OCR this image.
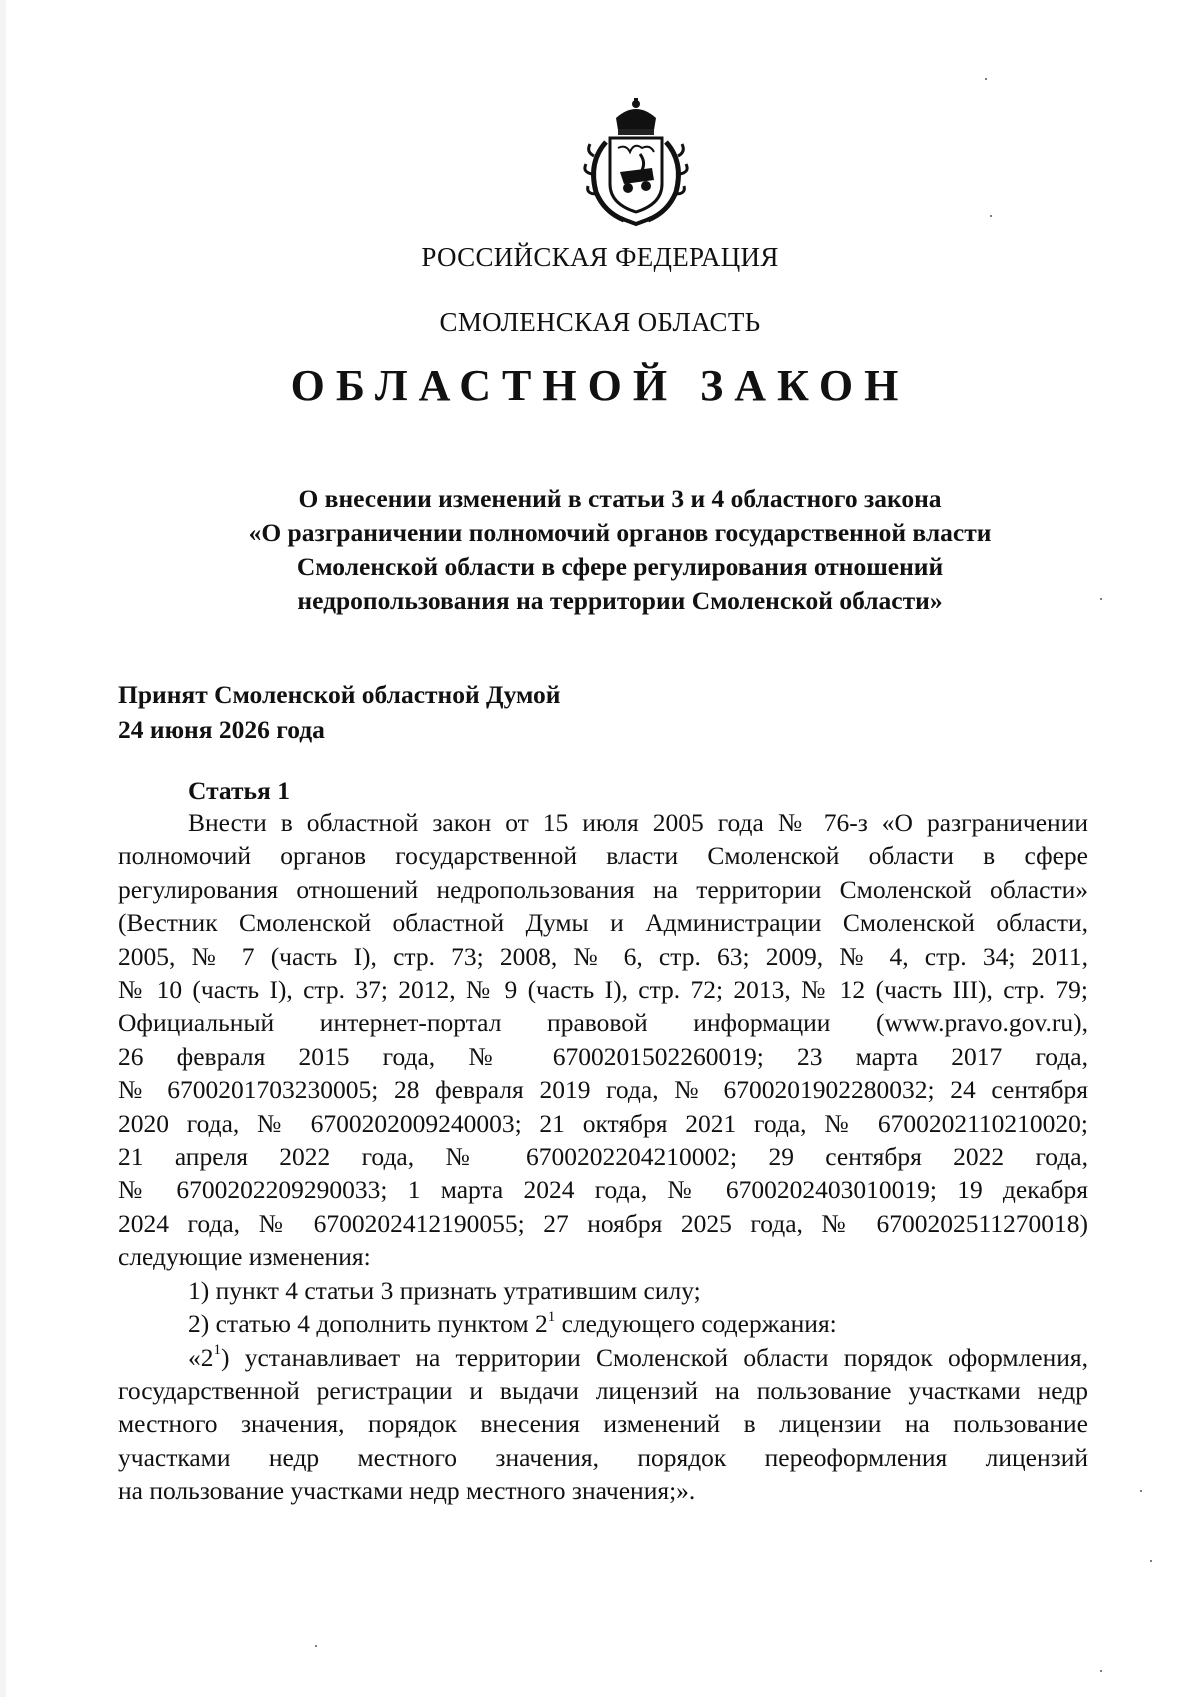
РОССИЙСКАЯ ФЕДЕРАЦИЯ
СМОЛЕНСКАЯ ОБЛАСТЬ
ОБЛАСТНОЙ ЗАКОН
О внесении изменений в статьи 3 и 4 областного закона
«О разграничении полномочий органов государственной власти
Смоленской области в сфере регулирования отношений
недропользования на территории Смоленской области»
Принят Смоленской областной Думой
24 июня 2026 года
Статья 1
Внести в областной закон от 15 июля 2005 года № 76-з «О разграничении
полномочий органов государственной власти Смоленской области в сфере
регулирования отношений недропользования на территории Смоленской области»
(Вестник Смоленской областной Думы и Администрации Смоленской области,
2005, № 7 (часть I), стр. 73; 2008, № 6, стр. 63; 2009, № 4, стр. 34; 2011,
№ 10 (часть I), стр. 37; 2012, № 9 (часть I), стр. 72; 2013, № 12 (часть III), стр. 79;
Официальный интернет-портал правовой информации (www.pravo.gov.ru),
26 февраля 2015 года, № 6700201502260019; 23 марта 2017 года,
№ 6700201703230005; 28 февраля 2019 года, № 6700201902280032; 24 сентября
2020 года, № 6700202009240003; 21 октября 2021 года, № 6700202110210020;
21 апреля 2022 года, № 6700202204210002; 29 сентября 2022 года,
№ 6700202209290033; 1 марта 2024 года, № 6700202403010019; 19 декабря
2024 года, № 6700202412190055; 27 ноября 2025 года, № 6700202511270018)
следующие изменения:
1) пункт 4 статьи 3 признать утратившим силу;
2) статью 4 дополнить пунктом $2^1$ следующего содержания:
«$2^1$) устанавливает на территории Смоленской области порядок оформления,
государственной регистрации и выдачи лицензий на пользование участками недр
местного значения, порядок внесения изменений в лицензии на пользование
участками недр местного значения, порядок переоформления лицензий
на пользование участками недр местного значения;».
